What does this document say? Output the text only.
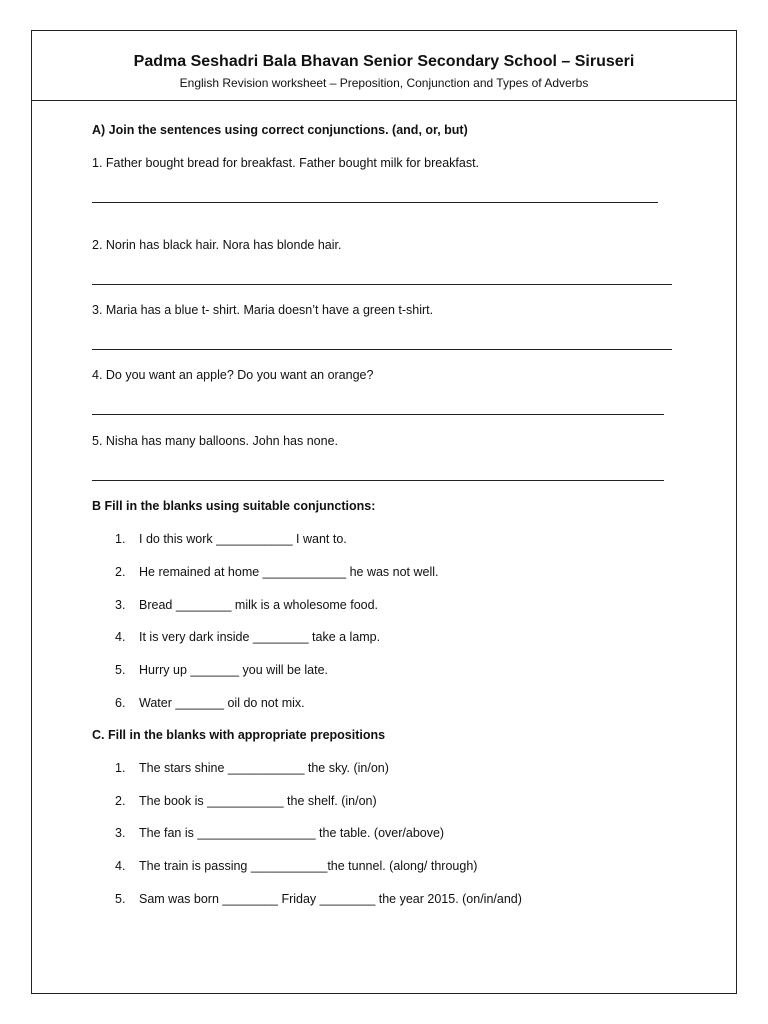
Padma Seshadri Bala Bhavan Senior Secondary School – Siruseri
English Revision worksheet – Preposition, Conjunction and Types of Adverbs
A) Join the sentences using correct conjunctions. (and, or, but)
1. Father bought bread for breakfast. Father bought milk for breakfast.
2. Norin has black hair. Nora has blonde hair.
3. Maria has a blue t- shirt. Maria doesn’t have a green t-shirt.
4. Do you want an apple? Do you want an orange?
5. Nisha has many balloons. John has none.
B Fill in the blanks using suitable conjunctions:
1. I do this work ___________ I want to.
2. He remained at home ____________ he was not well.
3. Bread ________ milk is a wholesome food.
4. It is very dark inside ________ take a lamp.
5. Hurry up _______ you will be late.
6. Water _______ oil do not mix.
C. Fill in the blanks with appropriate prepositions
1. The stars shine ___________ the sky. (in/on)
2. The book is ___________ the shelf. (in/on)
3. The fan is _________________ the table. (over/above)
4. The train is passing ___________the tunnel. (along/ through)
5. Sam was born ________ Friday ________ the year 2015. (on/in/and)
